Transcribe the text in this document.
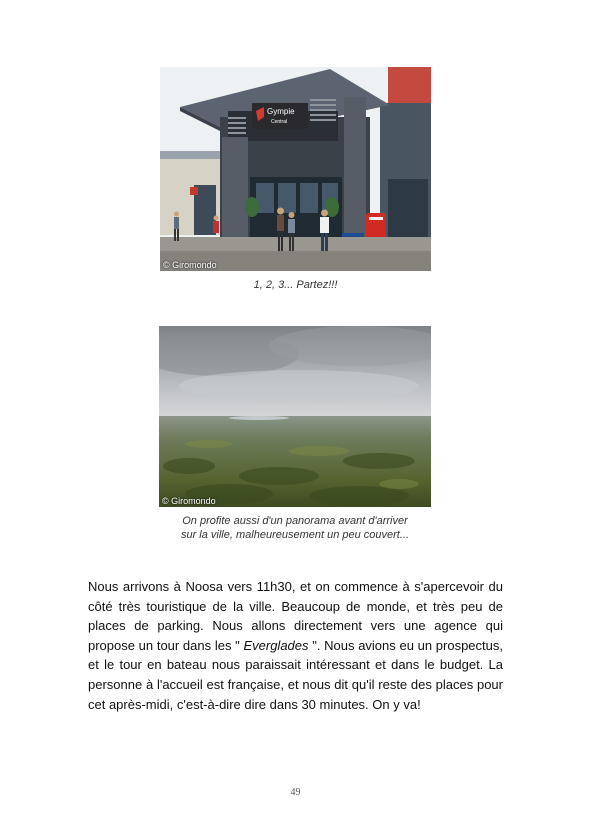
Gympie
Central
© Giromondo
1, 2, 3... Partez!!!
© Giromondo
On profite aussi d'un panorama avant d'arriver
sur la ville, malheureusement un peu couvert...

Nous arrivons à Noosa vers 11h30, et on commence à s'apercevoir du côté très touristique de la ville. Beaucoup de monde, et très peu de places de parking. Nous allons directement vers une agence qui propose un tour dans les " Everglades ". Nous avions eu un prospectus, et le tour en bateau nous paraissait intéressant et dans le budget. La personne à l'accueil est française, et nous dit qu'il reste des places pour cet après-midi, c'est-à-dire dire dans 30 minutes. On y va!

49
